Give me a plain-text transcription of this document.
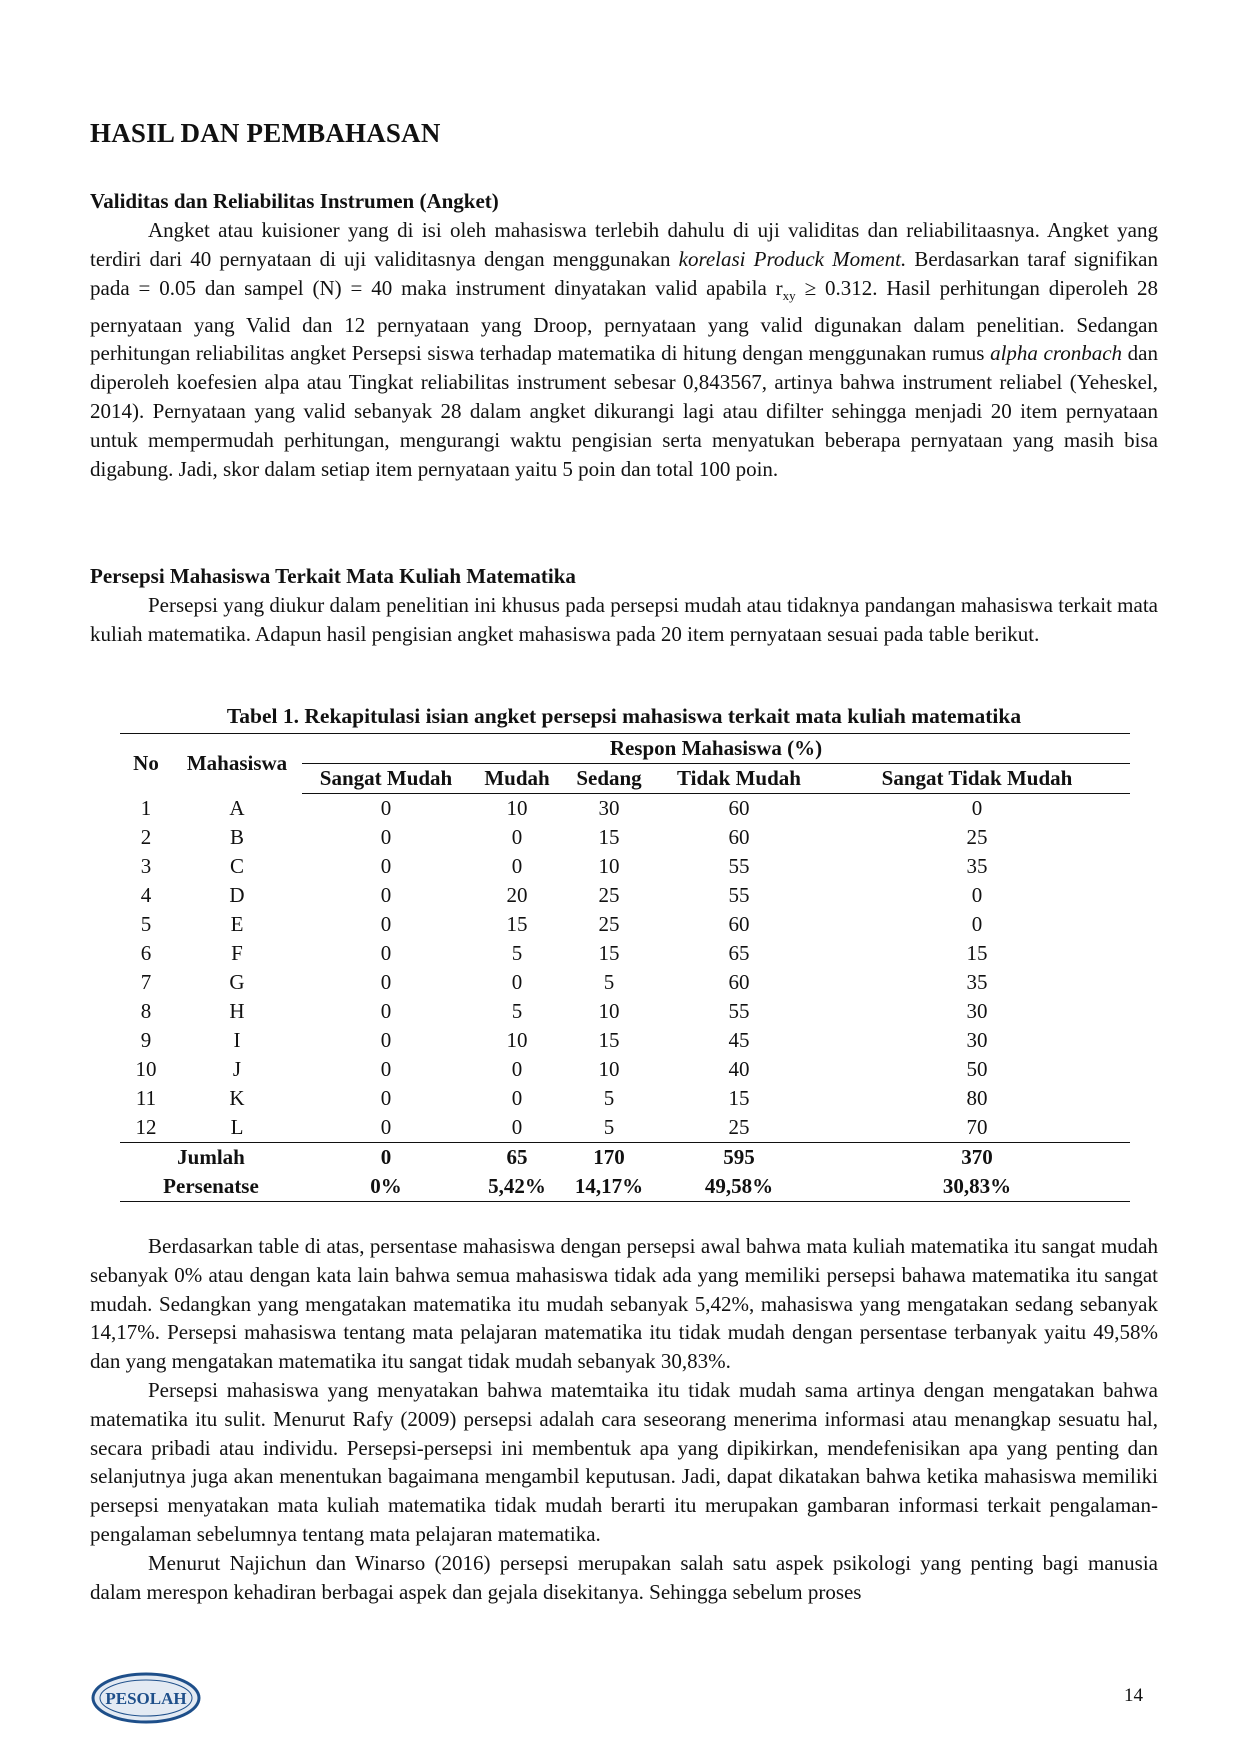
HASIL DAN PEMBAHASAN
Validitas dan Reliabilitas Instrumen (Angket)

Angket atau kuisioner yang di isi oleh mahasiswa terlebih dahulu di uji validitas dan reliabilitaasnya. Angket yang terdiri dari 40 pernyataan di uji validitasnya dengan menggunakan korelasi Produck Moment. Berdasarkan taraf signifikan pada = 0.05 dan sampel (N) = 40 maka instrument dinyatakan valid apabila $r_{xy} \ge 0.312$. Hasil perhitungan diperoleh 28 pernyataan yang Valid dan 12 pernyataan yang Droop, pernyataan yang valid digunakan dalam penelitian. Sedangan perhitungan reliabilitas angket Persepsi siswa terhadap matematika di hitung dengan menggunakan rumus alpha cronbach dan diperoleh koefesien alpa atau Tingkat reliabilitas instrument sebesar 0,843567, artinya bahwa instrument reliabel (Yeheskel, 2014). Pernyataan yang valid sebanyak 28 dalam angket dikurangi lagi atau difilter sehingga menjadi 20 item pernyataan untuk mempermudah perhitungan, mengurangi waktu pengisian serta menyatukan beberapa pernyataan yang masih bisa digabung. Jadi, skor dalam setiap item pernyataan yaitu 5 poin dan total 100 poin.

Persepsi Mahasiswa Terkait Mata Kuliah Matematika

Persepsi yang diukur dalam penelitian ini khusus pada persepsi mudah atau tidaknya pandangan mahasiswa terkait mata kuliah matematika. Adapun hasil pengisian angket mahasiswa pada 20 item pernyataan sesuai pada table berikut.

Tabel 1. Rekapitulasi isian angket persepsi mahasiswa terkait mata kuliah matematika
No	Mahasiswa	Respon Mahasiswa (%)				
		Sangat Mudah	Mudah	Sedang	Tidak Mudah	Sangat Tidak Mudah
1	A	0	10	30	60	0
2	B	0	0	15	60	25
3	C	0	0	10	55	35
4	D	0	20	25	55	0
5	E	0	15	25	60	0
6	F	0	5	15	65	15
7	G	0	0	5	60	35
8	H	0	5	10	55	30
9	I	0	10	15	45	30
10	J	0	0	10	40	50
11	K	0	0	5	15	80
12	L	0	0	5	25	70
Jumlah		0	65	170	595	370
Persenatse		0%	5,42%	14,17%	49,58%	30,83%

Berdasarkan table di atas, persentase mahasiswa dengan persepsi awal bahwa mata kuliah matematika itu sangat mudah sebanyak 0% atau dengan kata lain bahwa semua mahasiswa tidak ada yang memiliki persepsi bahawa matematika itu sangat mudah. Sedangkan yang mengatakan matematika itu mudah sebanyak 5,42%, mahasiswa yang mengatakan sedang sebanyak 14,17%. Persepsi mahasiswa tentang mata pelajaran matematika itu tidak mudah dengan persentase terbanyak yaitu 49,58% dan yang mengatakan matematika itu sangat tidak mudah sebanyak 30,83%.

Persepsi mahasiswa yang menyatakan bahwa matemtaika itu tidak mudah sama artinya dengan mengatakan bahwa matematika itu sulit. Menurut Rafy (2009) persepsi adalah cara seseorang menerima informasi atau menangkap sesuatu hal, secara pribadi atau individu. Persepsi-persepsi ini membentuk apa yang dipikirkan, mendefenisikan apa yang penting dan selanjutnya juga akan menentukan bagaimana mengambil keputusan. Jadi, dapat dikatakan bahwa ketika mahasiswa memiliki persepsi menyatakan mata kuliah matematika tidak mudah berarti itu merupakan gambaran informasi terkait pengalaman-pengalaman sebelumnya tentang mata pelajaran matematika.

Menurut Najichun dan Winarso (2016) persepsi merupakan salah satu aspek psikologi yang penting bagi manusia dalam merespon kehadiran berbagai aspek dan gejala disekitanya. Sehingga sebelum proses

PESOLAH	14
